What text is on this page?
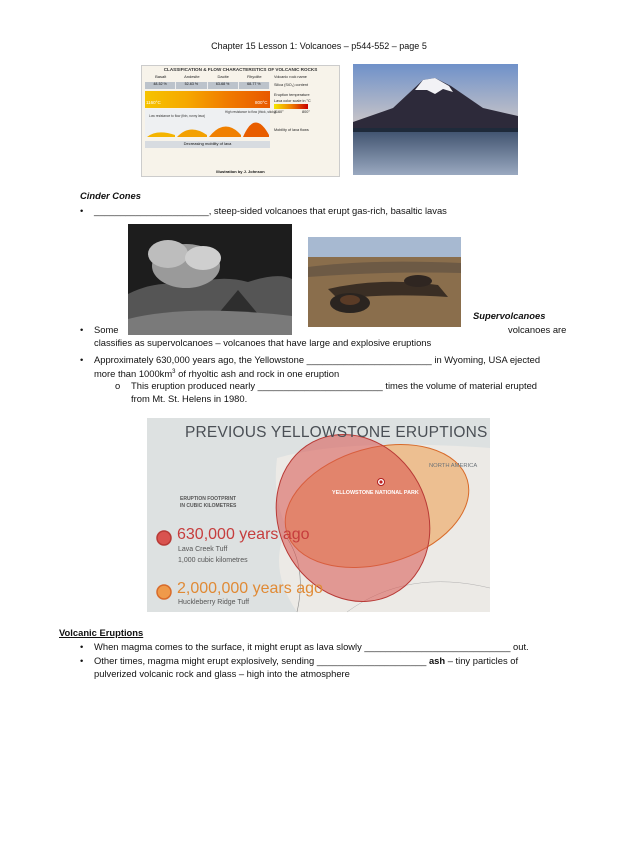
Chapter 15 Lesson 1: Volcanoes – p544-552 – page 5
CLASSIFICATION & FLOW CHARACTERISTICS OF VOLCANIC ROCKS
Basalt	Andesite	Dacite	Rhyolite
48-52 %	52-63 %	63-68 %	68-77 %
1160°C	800°C
Low resistance to flow (thin, runny lava)
High resistance to flow (thick, sticky)
Decreasing mobility of lava
Volcanic rock name
Silica (SiO₂) content
Eruption temperature
Lava color scale in °C
1160°	800°
Mobility of lava flows
Illustration by J. Johnson
Cinder Cones
• ______________________, steep-sided volcanoes that erupt gas-rich, basaltic lavas
Supervolcanoes
• Some	volcanoes are
classifies as supervolcanoes – volcanoes that have large and explosive eruptions
• Approximately 630,000 years ago, the Yellowstone ________________________ in Wyoming, USA ejected
more than $1000km^3$ of rhyoltic ash and rock in one eruption
o This eruption produced nearly ________________________ times the volume of material erupted
from Mt. St. Helens in 1980.
PREVIOUS YELLOWSTONE ERUPTIONS
NORTH AMERICA
YELLOWSTONE NATIONAL PARK
ERUPTION FOOTPRINT
IN CUBIC KILOMETRES
630,000 years ago
Lava Creek Tuff
1,000 cubic kilometres
2,000,000 years ago
Huckleberry Ridge Tuff
Volcanic Eruptions
• When magma comes to the surface, it might erupt as lava slowly ____________________________ out.
• Other times, magma might erupt explosively, sending _____________________ ash – tiny particles of
pulverized volcanic rock and glass – high into the atmosphere
